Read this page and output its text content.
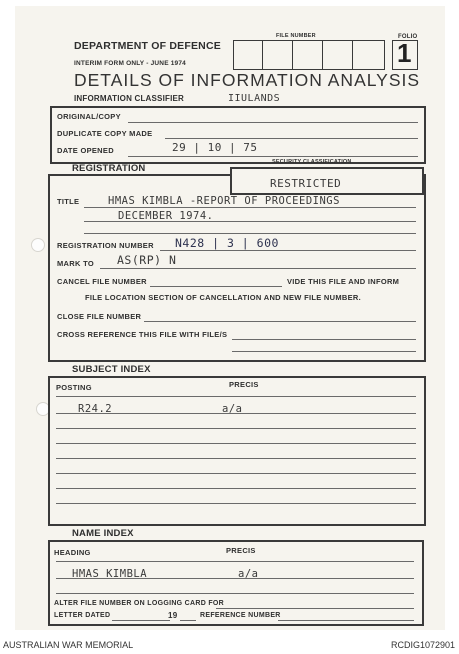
DEPARTMENT OF DEFENCE
INTERIM FORM ONLY - JUNE 1974
DETAILS OF INFORMATION ANALYSIS
INFORMATION CLASSIFIER	IIULANDS
FILE NUMBER	FOLIO
1
ORIGINAL/COPY
DUPLICATE COPY MADE
DATE OPENED	29 | 10 | 75
REGISTRATION
SECURITY CLASSIFICATION
RESTRICTED
TITLE	HMAS KIMBLA -REPORT OF PROCEEDINGS
DECEMBER 1974.
REGISTRATION NUMBER N428 | 3 | 600
MARK TO AS(RP) N
CANCEL FILE NUMBER	VIDE THIS FILE AND INFORM
FILE LOCATION SECTION OF CANCELLATION AND NEW FILE NUMBER.
CLOSE FILE NUMBER
CROSS REFERENCE THIS FILE WITH FILE/S
SUBJECT INDEX
POSTING	PRECIS
R24.2	a/a
NAME INDEX
HEADING	PRECIS
HMAS KIMBLA	a/a
ALTER FILE NUMBER ON LOGGING CARD FOR
LETTER DATED	19	REFERENCE NUMBER
AUSTRALIAN WAR MEMORIAL	RCDIG1072901
